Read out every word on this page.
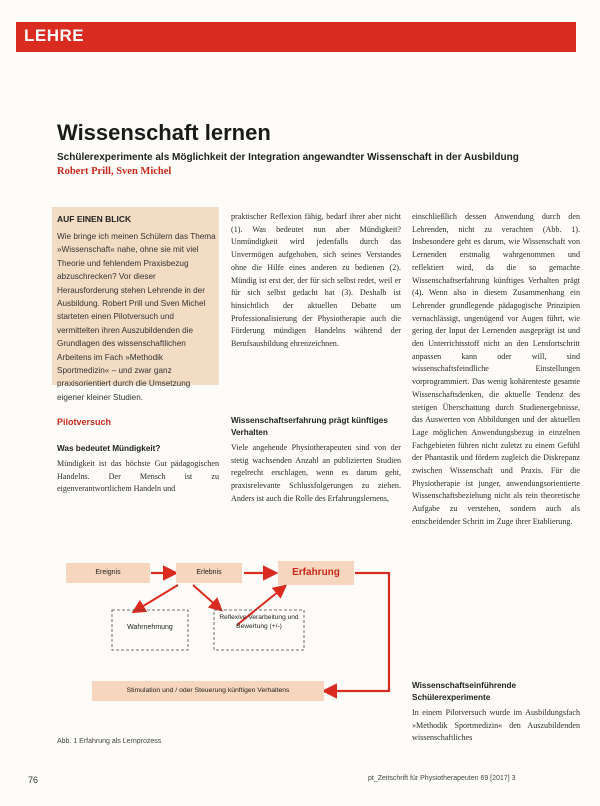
LEHRE
Wissenschaft lernen
Schülerexperimente als Möglichkeit der Integration angewandter Wissenschaft in der Ausbildung
Robert Prill, Sven Michel
AUF EINEN BLICK
Wie bringe ich meinen Schülern das Thema »Wissenschaft« nahe, ohne sie mit viel Theorie und fehlendem Praxisbezug abzuschrecken? Vor dieser Herausforderung stehen Lehrende in der Ausbildung. Robert Prill und Sven Michel starteten einen Pilotversuch und vermittelten ihren Auszubildenden die Grundlagen des wissenschaftlichen Arbeitens im Fach »Methodik Sportmedizin« – und zwar ganz praxisorientiert durch die Umsetzung eigener kleiner Studien.
Pilotversuch
Was bedeutet Mündigkeit?
Mündigkeit ist das höchste Gut pädagogischen Handelns. Der Mensch ist zu eigenverantwortlichem Handeln und
praktischer Reflexion fähig, bedarf ihrer aber nicht (1). Was bedeutet nun aber Mündigkeit? Unmündigkeit wird jedenfalls durch das Unvermögen aufgehoben, sich seines Verstandes ohne die Hilfe eines anderen zu bedienen (2). Mündig ist erst der, der für sich selbst redet, weil er für sich selbst gedacht hat (3). Deshalb ist hinsichtlich der aktuellen Debatte um Professionalisierung der Physiotherapie auch die Förderung mündigen Handelns während der Berufsausbildung ehrenzeichnen.
Wissenschaftserfahrung prägt künftiges Verhalten
Viele angehende Physiotherapeuten sind von der stetig wachsenden Anzahl an publizierten Studien regelrecht erschlagen, wenn es darum geht, praxisrelevante Schlussfolgerungen zu ziehen. Anders ist auch die Rolle des Erfahrungslernens,
einschließlich dessen Anwendung durch den Lehrenden, nicht zu verachten (Abb. 1). Insbesondere geht es darum, wie Wissenschaft von Lernenden erstmalig wahrgenommen und reflektiert wird, da die so gemachte Wissenschaftserfahrung künftiges Verhalten prägt (4). Wenn also in diesem Zusammenhang ein Lehrender grundlegende pädagogische Prinzipien vernachlässigt, ungenügend vor Augen führt, wie gering der Input der Lernenden ausgeprägt ist und den Unterrichtsstoff nicht an den Lernfortschritt anpassen kann oder will, sind wissenschaftsfeindliche Einstellungen vorprogrammiert. Das wenig kohärenteste gesamte Wissenschaftsdenken, die aktuelle Tendenz des stetigen Überschattung durch Studienergebnisse, das Auswerten von Abbildungen und der aktuellen Lage möglichen Anwendungsbezug in einzelnen Fachgebieten führen nicht zuletzt zu einem Gefühl der Phantastik und fördern zugleich die Diskrepanz zwischen Wissenschaft und Praxis. Für die Physiotherapie ist junger, anwendungsorientierte Wissenschaftsbeziehung nicht als rein theoretische Aufgabe zu verstehen, sondern auch als entscheidender Schritt im Zuge ihrer Etablierung.
Wissenschaftseinführende Schülerexperimente
In einem Pilotversuch wurde im Ausbildungsfach »Methodik Sportmedizin« den Auszubildenden wissenschaftliches
Ereignis	Erlebnis	Erfahrung
Wahrnehmung
Reflexive Verarbeitung und Bewertung (+/-)
Stimulation und / oder Steuerung künftigen Verhaltens
Abb. 1 Erfahrung als Lernprozess
76	pt_Zeitschrift für Physiotherapeuten 69 [2017] 3
